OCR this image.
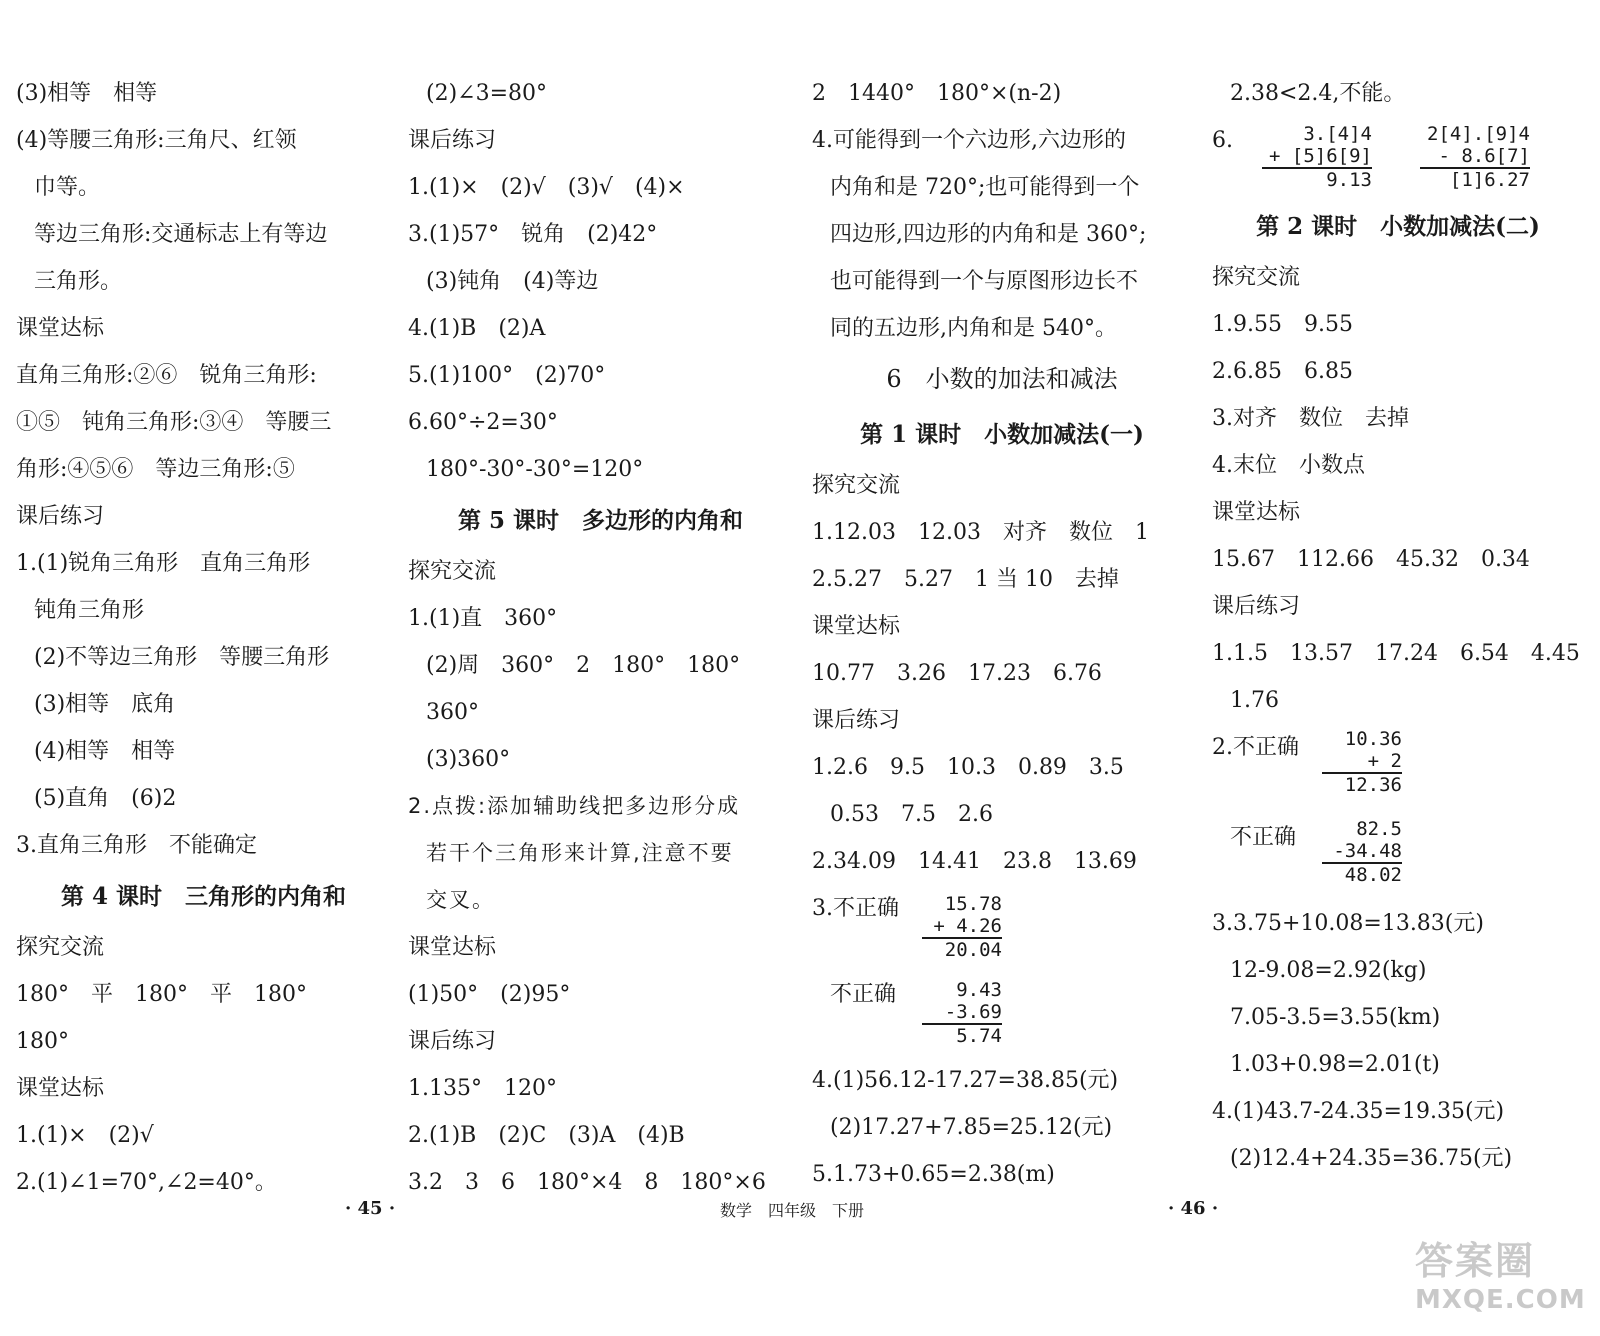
(3)相等　相等
(4)等腰三角形:三角尺、红领
巾等。
等边三角形:交通标志上有等边
三角形。
课堂达标
直角三角形:②⑥　锐角三角形:
①⑤　钝角三角形:③④　等腰三
角形:④⑤⑥　等边三角形:⑤
课后练习
1.(1)锐角三角形　直角三角形
钝角三角形
(2)不等边三角形　等腰三角形
(3)相等　底角
(4)相等　相等
(5)直角　(6)2
3.直角三角形　不能确定
第 4 课时　三角形的内角和
探究交流
180°　平　180°　平　180°
180°
课堂达标
1.(1)×　(2)√
2.(1)∠1=70°,∠2=40°。
(2)∠3=80°
课后练习
1.(1)×　(2)√　(3)√　(4)×
3.(1)57°　锐角　(2)42°
(3)钝角　(4)等边
4.(1)B　(2)A
5.(1)100°　(2)70°
6.60°÷2=30°
180°-30°-30°=120°
第 5 课时　多边形的内角和
探究交流
1.(1)直　360°
(2)周　360°　2　180°　180°
360°
(3)360°
2.点拨:添加辅助线把多边形分成
若干个三角形来计算,注意不要
交叉。
课堂达标
(1)50°　(2)95°
课后练习
1.135°　120°
2.(1)B　(2)C　(3)A　(4)B
3.2　3　6　180°×4　8　180°×6
2　1440°　180°×(n-2)
4.可能得到一个六边形,六边形的
内角和是 720°;也可能得到一个
四边形,四边形的内角和是 360°;
也可能得到一个与原图形边长不
同的五边形,内角和是 540°。
6　小数的加法和减法
第 1 课时　小数加减法(一)
探究交流
1.12.03　12.03　对齐　数位　1
2.5.27　5.27　1 当 10　去掉
课堂达标
10.77　3.26　17.23　6.76
课后练习
1.2.6　9.5　10.3　0.89　3.5
0.53　7.5　2.6
2.34.09　14.41　23.8　13.69
3.不正确	15.78
+ 4.26
20.04
不正确	9.43
-3.69
5.74
4.(1)56.12-17.27=38.85(元)
(2)17.27+7.85=25.12(元)
5.1.73+0.65=2.38(m)
2.38<2.4,不能。
6.	3.[4]4
+ [5]6[9]
9.13
2[4].[9]4
- 8.6[7]
[1]6.27
第 2 课时　小数加减法(二)
探究交流
1.9.55　9.55
2.6.85　6.85
3.对齐　数位　去掉
4.末位　小数点
课堂达标
15.67　112.66　45.32　0.34
课后练习
1.1.5　13.57　17.24　6.54　4.45
1.76
2.不正确	10.36
+ 2
12.36
不正确	82.5
-34.48
48.02
3.3.75+10.08=13.83(元)
12-9.08=2.92(kg)
7.05-3.5=3.55(km)
1.03+0.98=2.01(t)
4.(1)43.7-24.35=19.35(元)
(2)12.4+24.35=36.75(元)
· 45 ·	数学　四年级　下册	· 46 ·
答案圈
MXQE.COM
